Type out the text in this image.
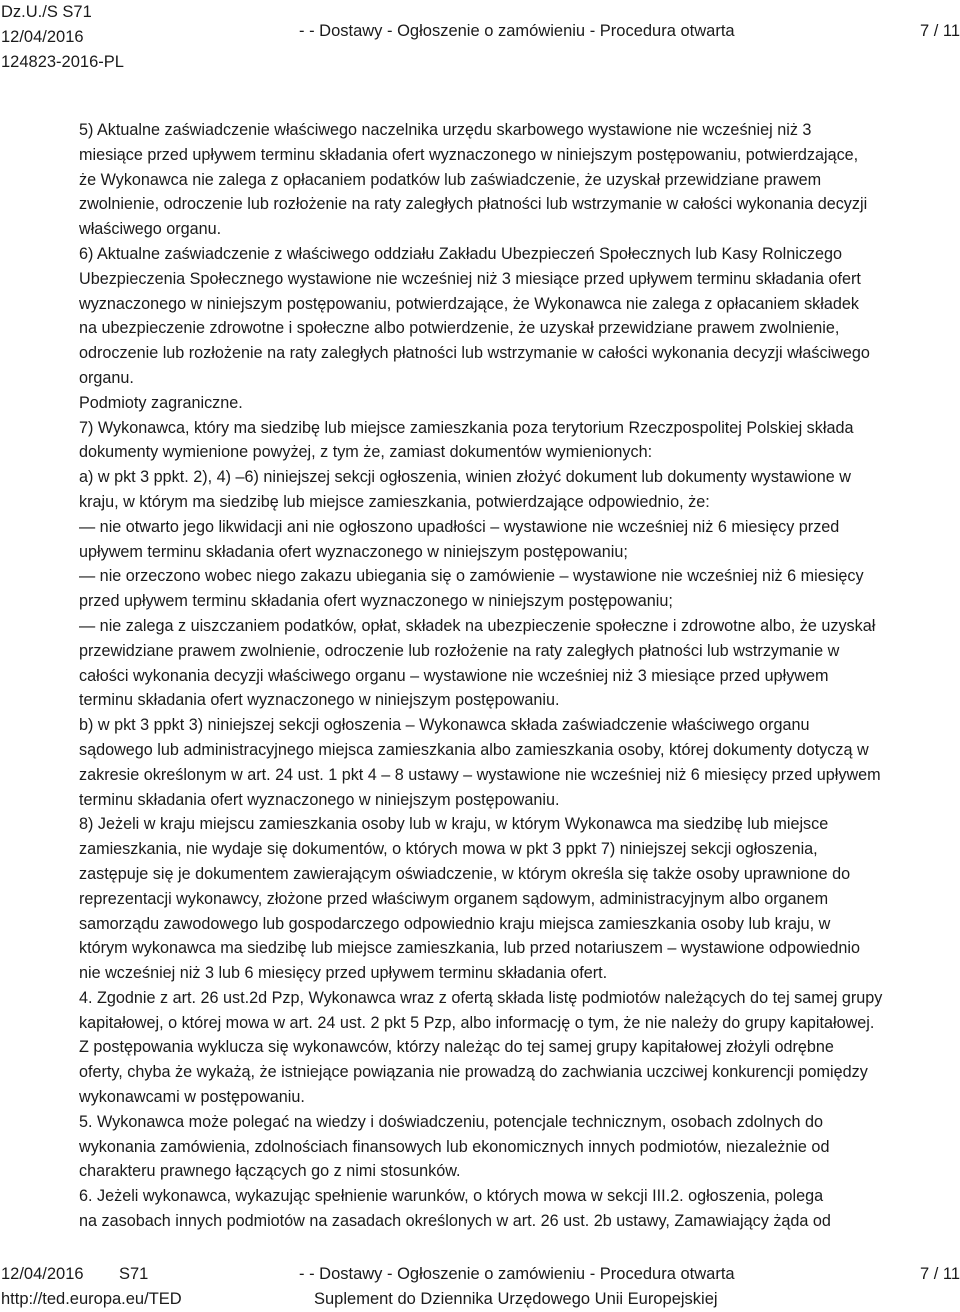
Dz.U./S S71
12/04/2016
124823-2016-PL
- - Dostawy - Ogłoszenie o zamówieniu - Procedura otwarta	7 / 11
5) Aktualne zaświadczenie właściwego naczelnika urzędu skarbowego wystawione nie wcześniej niż 3
miesiące przed upływem terminu składania ofert wyznaczonego w niniejszym postępowaniu, potwierdzające,
że Wykonawca nie zalega z opłacaniem podatków lub zaświadczenie, że uzyskał przewidziane prawem
zwolnienie, odroczenie lub rozłożenie na raty zaległych płatności lub wstrzymanie w całości wykonania decyzji
właściwego organu.
6) Aktualne zaświadczenie z właściwego oddziału Zakładu Ubezpieczeń Społecznych lub Kasy Rolniczego
Ubezpieczenia Społecznego wystawione nie wcześniej niż 3 miesiące przed upływem terminu składania ofert
wyznaczonego w niniejszym postępowaniu, potwierdzające, że Wykonawca nie zalega z opłacaniem składek
na ubezpieczenie zdrowotne i społeczne albo potwierdzenie, że uzyskał przewidziane prawem zwolnienie,
odroczenie lub rozłożenie na raty zaległych płatności lub wstrzymanie w całości wykonania decyzji właściwego
organu.
Podmioty zagraniczne.
7) Wykonawca, który ma siedzibę lub miejsce zamieszkania poza terytorium Rzeczpospolitej Polskiej składa
dokumenty wymienione powyżej, z tym że, zamiast dokumentów wymienionych:
a) w pkt 3 ppkt. 2), 4) –6) niniejszej sekcji ogłoszenia, winien złożyć dokument lub dokumenty wystawione w
kraju, w którym ma siedzibę lub miejsce zamieszkania, potwierdzające odpowiednio, że:
— nie otwarto jego likwidacji ani nie ogłoszono upadłości – wystawione nie wcześniej niż 6 miesięcy przed
upływem terminu składania ofert wyznaczonego w niniejszym postępowaniu;
— nie orzeczono wobec niego zakazu ubiegania się o zamówienie – wystawione nie wcześniej niż 6 miesięcy
przed upływem terminu składania ofert wyznaczonego w niniejszym postępowaniu;
— nie zalega z uiszczaniem podatków, opłat, składek na ubezpieczenie społeczne i zdrowotne albo, że uzyskał
przewidziane prawem zwolnienie, odroczenie lub rozłożenie na raty zaległych płatności lub wstrzymanie w
całości wykonania decyzji właściwego organu – wystawione nie wcześniej niż 3 miesiące przed upływem
terminu składania ofert wyznaczonego w niniejszym postępowaniu.
b) w pkt 3 ppkt 3) niniejszej sekcji ogłoszenia – Wykonawca składa zaświadczenie właściwego organu
sądowego lub administracyjnego miejsca zamieszkania albo zamieszkania osoby, której dokumenty dotyczą w
zakresie określonym w art. 24 ust. 1 pkt 4 – 8 ustawy – wystawione nie wcześniej niż 6 miesięcy przed upływem
terminu składania ofert wyznaczonego w niniejszym postępowaniu.
8) Jeżeli w kraju miejscu zamieszkania osoby lub w kraju, w którym Wykonawca ma siedzibę lub miejsce
zamieszkania, nie wydaje się dokumentów, o których mowa w pkt 3 ppkt 7) niniejszej sekcji ogłoszenia,
zastępuje się je dokumentem zawierającym oświadczenie, w którym określa się także osoby uprawnione do
reprezentacji wykonawcy, złożone przed właściwym organem sądowym, administracyjnym albo organem
samorządu zawodowego lub gospodarczego odpowiednio kraju miejsca zamieszkania osoby lub kraju, w
którym wykonawca ma siedzibę lub miejsce zamieszkania, lub przed notariuszem – wystawione odpowiednio
nie wcześniej niż 3 lub 6 miesięcy przed upływem terminu składania ofert.
4. Zgodnie z art. 26 ust.2d Pzp, Wykonawca wraz z ofertą składa listę podmiotów należących do tej samej grupy
kapitałowej, o której mowa w art. 24 ust. 2 pkt 5 Pzp, albo informację o tym, że nie należy do grupy kapitałowej.
Z postępowania wyklucza się wykonawców, którzy należąc do tej samej grupy kapitałowej złożyli odrębne
oferty, chyba że wykażą, że istniejące powiązania nie prowadzą do zachwiania uczciwej konkurencji pomiędzy
wykonawcami w postępowaniu.
5. Wykonawca może polegać na wiedzy i doświadczeniu, potencjale technicznym, osobach zdolnych do
wykonania zamówienia, zdolnościach finansowych lub ekonomicznych innych podmiotów, niezależnie od
charakteru prawnego łączących go z nimi stosunków.
6. Jeżeli wykonawca, wykazując spełnienie warunków, o których mowa w sekcji III.2. ogłoszenia, polega
na zasobach innych podmiotów na zasadach określonych w art. 26 ust. 2b ustawy, Zamawiający żąda od
12/04/2016	S71
http://ted.europa.eu/TED
- - Dostawy - Ogłoszenie o zamówieniu - Procedura otwarta
Suplement do Dziennika Urzędowego Unii Europejskiej
7 / 11
